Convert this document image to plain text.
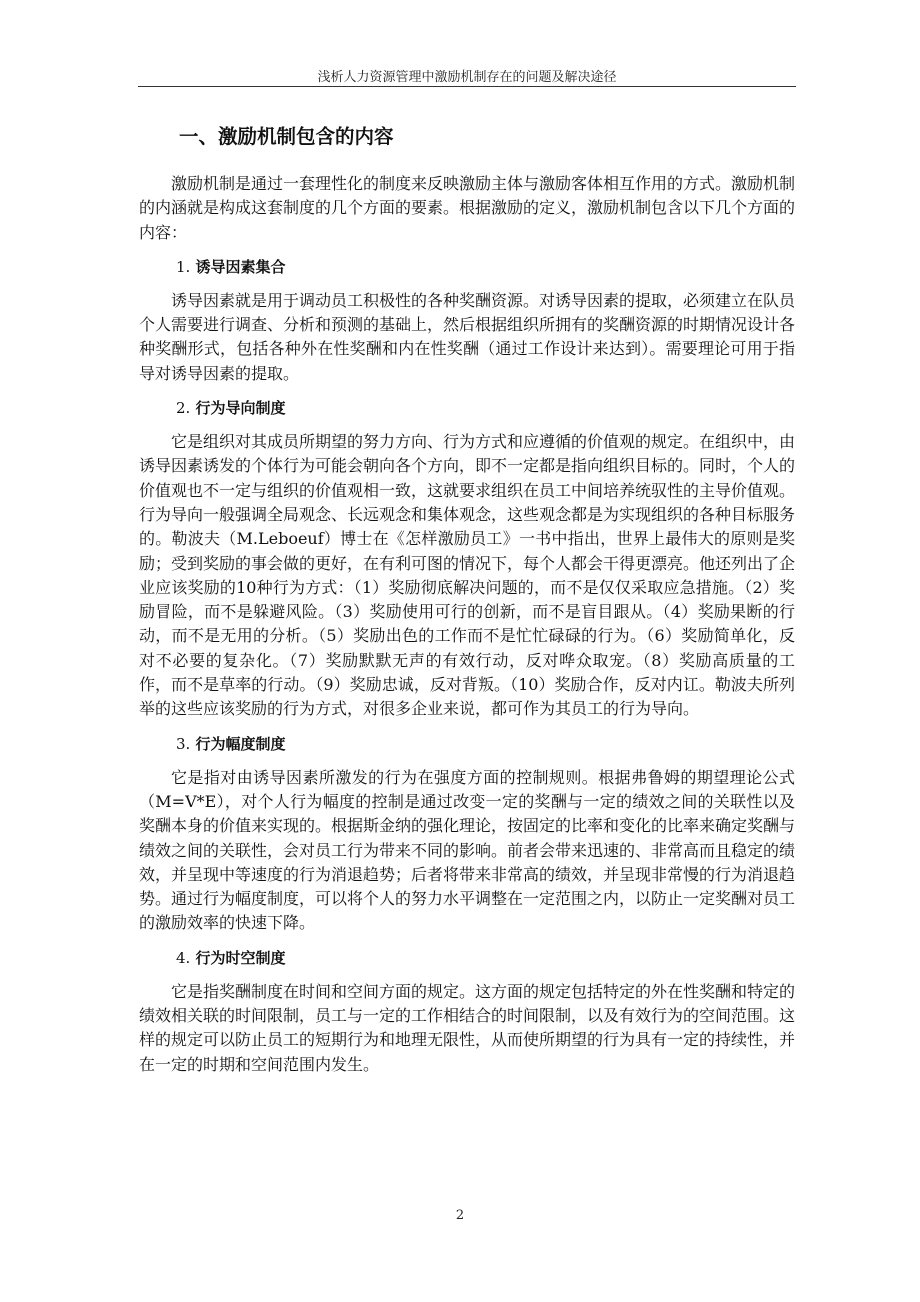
浅析人力资源管理中激励机制存在的问题及解决途径
一、激励机制包含的内容

激励机制是通过一套理性化的制度来反映激励主体与激励客体相互作用的方式。激励机制的内涵就是构成这套制度的几个方面的要素。根据激励的定义，激励机制包含以下几个方面的内容：

1. 诱导因素集合

诱导因素就是用于调动员工积极性的各种奖酬资源。对诱导因素的提取，必须建立在队员个人需要进行调查、分析和预测的基础上，然后根据组织所拥有的奖酬资源的时期情况设计各种奖酬形式，包括各种外在性奖酬和内在性奖酬（通过工作设计来达到）。需要理论可用于指导对诱导因素的提取。

2. 行为导向制度

它是组织对其成员所期望的努力方向、行为方式和应遵循的价值观的规定。在组织中，由诱导因素诱发的个体行为可能会朝向各个方向，即不一定都是指向组织目标的。同时，个人的价值观也不一定与组织的价值观相一致，这就要求组织在员工中间培养统驭性的主导价值观。行为导向一般强调全局观念、长远观念和集体观念，这些观念都是为实现组织的各种目标服务的。勒波夫（M.Leboeuf）博士在《怎样激励员工》一书中指出，世界上最伟大的原则是奖励；受到奖励的事会做的更好，在有利可图的情况下，每个人都会干得更漂亮。他还列出了企业应该奖励的10种行为方式：（1）奖励彻底解决问题的，而不是仅仅采取应急措施。（2）奖励冒险，而不是躲避风险。（3）奖励使用可行的创新，而不是盲目跟从。（4）奖励果断的行动，而不是无用的分析。（5）奖励出色的工作而不是忙忙碌碌的行为。（6）奖励简单化，反对不必要的复杂化。（7）奖励默默无声的有效行动，反对哗众取宠。（8）奖励高质量的工作，而不是草率的行动。（9）奖励忠诚，反对背叛。（10）奖励合作，反对内讧。勒波夫所列举的这些应该奖励的行为方式，对很多企业来说，都可作为其员工的行为导向。

3. 行为幅度制度

它是指对由诱导因素所激发的行为在强度方面的控制规则。根据弗鲁姆的期望理论公式（M=V*E），对个人行为幅度的控制是通过改变一定的奖酬与一定的绩效之间的关联性以及奖酬本身的价值来实现的。根据斯金纳的强化理论，按固定的比率和变化的比率来确定奖酬与绩效之间的关联性，会对员工行为带来不同的影响。前者会带来迅速的、非常高而且稳定的绩效，并呈现中等速度的行为消退趋势；后者将带来非常高的绩效，并呈现非常慢的行为消退趋势。通过行为幅度制度，可以将个人的努力水平调整在一定范围之内，以防止一定奖酬对员工的激励效率的快速下降。

4. 行为时空制度

它是指奖酬制度在时间和空间方面的规定。这方面的规定包括特定的外在性奖酬和特定的绩效相关联的时间限制，员工与一定的工作相结合的时间限制，以及有效行为的空间范围。这样的规定可以防止员工的短期行为和地理无限性，从而使所期望的行为具有一定的持续性，并在一定的时期和空间范围内发生。

2
